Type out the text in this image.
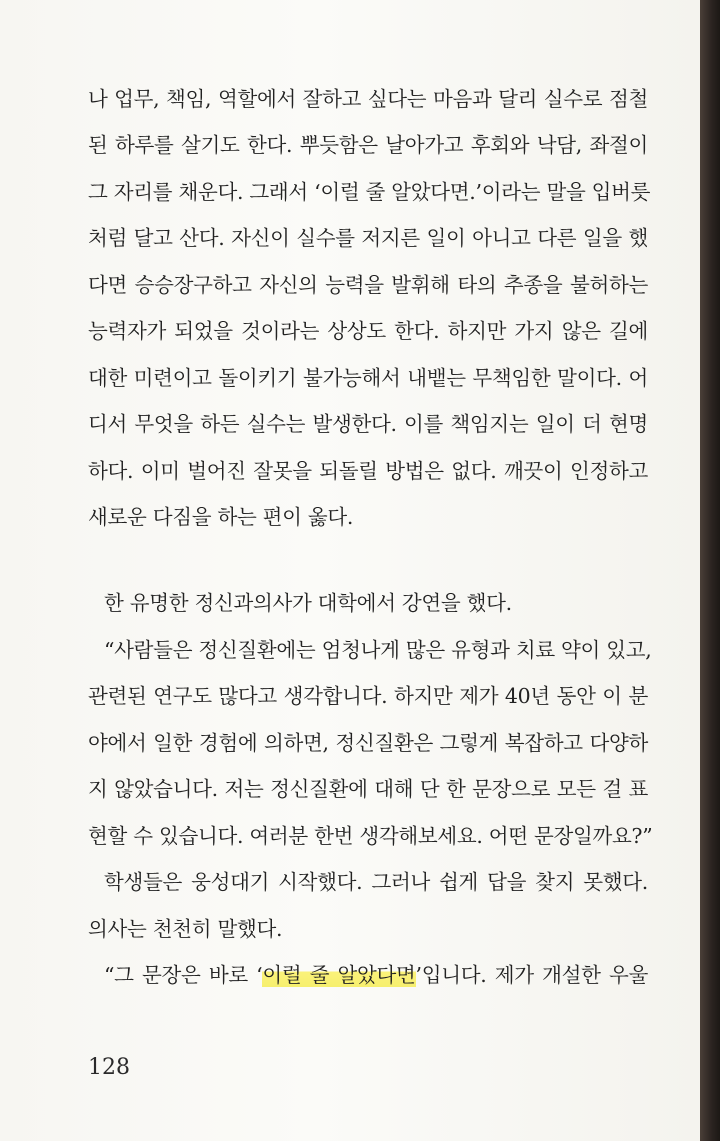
나 업무, 책임, 역할에서 잘하고 싶다는 마음과 달리 실수로 점철
된 하루를 살기도 한다. 뿌듯함은 날아가고 후회와 낙담, 좌절이
그 자리를 채운다. 그래서 ‘이럴 줄 알았다면.’이라는 말을 입버릇
처럼 달고 산다. 자신이 실수를 저지른 일이 아니고 다른 일을 했
다면 승승장구하고 자신의 능력을 발휘해 타의 추종을 불허하는
능력자가 되었을 것이라는 상상도 한다. 하지만 가지 않은 길에
대한 미련이고 돌이키기 불가능해서 내뱉는 무책임한 말이다. 어
디서 무엇을 하든 실수는 발생한다. 이를 책임지는 일이 더 현명
하다. 이미 벌어진 잘못을 되돌릴 방법은 없다. 깨끗이 인정하고
새로운 다짐을 하는 편이 옳다.
한 유명한 정신과의사가 대학에서 강연을 했다.
“사람들은 정신질환에는 엄청나게 많은 유형과 치료 약이 있고,
관련된 연구도 많다고 생각합니다. 하지만 제가 40년 동안 이 분
야에서 일한 경험에 의하면, 정신질환은 그렇게 복잡하고 다양하
지 않았습니다. 저는 정신질환에 대해 단 한 문장으로 모든 걸 표
현할 수 있습니다. 여러분 한번 생각해보세요. 어떤 문장일까요?”
학생들은 웅성대기 시작했다. 그러나 쉽게 답을 찾지 못했다.
의사는 천천히 말했다.
“그 문장은 바로 ‘이럴 줄 알았다면’입니다. 제가 개설한 우울
128
